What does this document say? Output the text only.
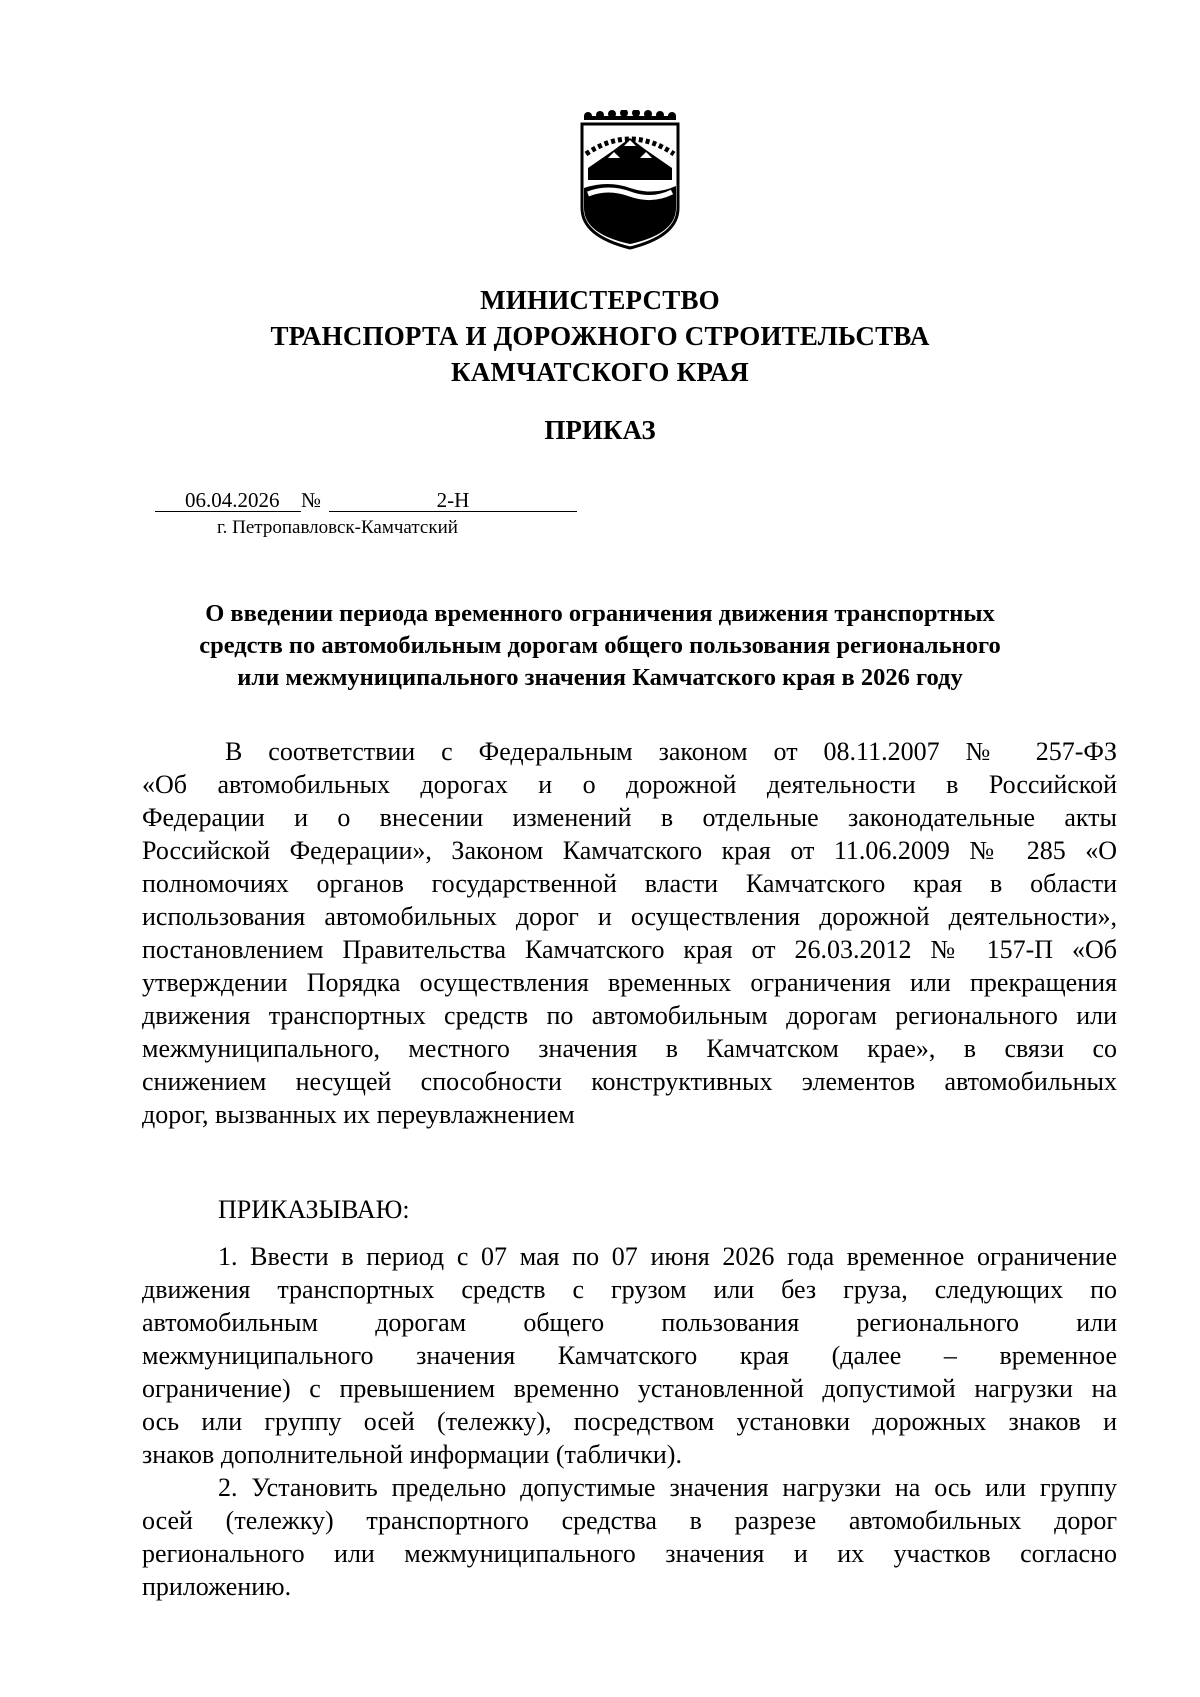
МИНИСТЕРСТВО
ТРАНСПОРТА И ДОРОЖНОГО СТРОИТЕЛЬСТВА
КАМЧАТСКОГО КРАЯ
ПРИКАЗ
06.04.2026 №	2-Н
г. Петропавловск-Камчатский
О введении периода временного ограничения движения транспортных
средств по автомобильным дорогам общего пользования регионального
или межмуниципального значения Камчатского края в 2026 году
В соответствии с Федеральным законом от 08.11.2007 № 257-ФЗ
«Об автомобильных дорогах и о дорожной деятельности в Российской
Федерации и о внесении изменений в отдельные законодательные акты
Российской Федерации», Законом Камчатского края от 11.06.2009 № 285 «О
полномочиях органов государственной власти Камчатского края в области
использования автомобильных дорог и осуществления дорожной деятельности»,
постановлением Правительства Камчатского края от 26.03.2012 № 157-П «Об
утверждении Порядка осуществления временных ограничения или прекращения
движения транспортных средств по автомобильным дорогам регионального или
межмуниципального, местного значения в Камчатском крае», в связи со
снижением несущей способности конструктивных элементов автомобильных
дорог, вызванных их переувлажнением
ПРИКАЗЫВАЮ:
1. Ввести в период с 07 мая по 07 июня 2026 года временное ограничение
движения транспортных средств с грузом или без груза, следующих по
автомобильным дорогам общего пользования регионального или
межмуниципального значения Камчатского края (далее – временное
ограничение) с превышением временно установленной допустимой нагрузки на
ось или группу осей (тележку), посредством установки дорожных знаков и
знаков дополнительной информации (таблички).
2. Установить предельно допустимые значения нагрузки на ось или группу
осей (тележку) транспортного средства в разрезе автомобильных дорог
регионального или межмуниципального значения и их участков согласно
приложению.
